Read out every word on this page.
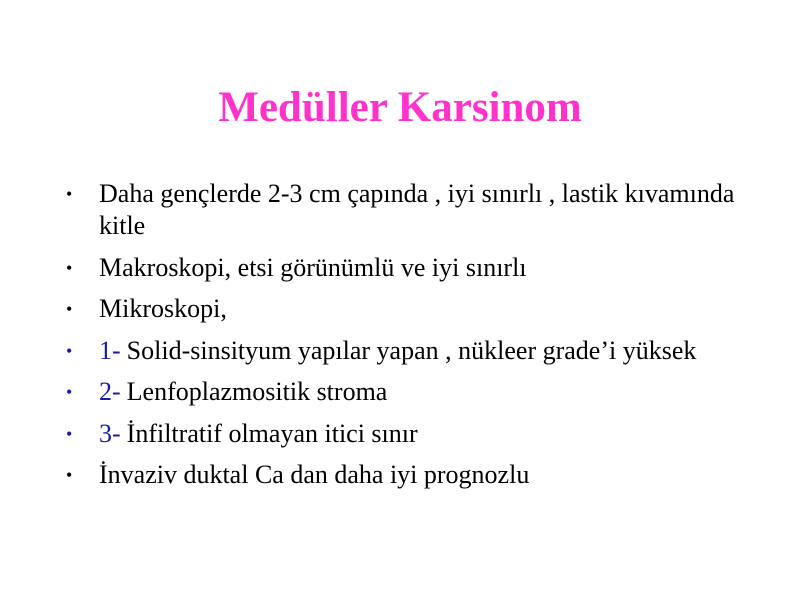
Medüller Karsinom
•	Daha gençlerde 2-3 cm çapında , iyi sınırlı , lastik kıvamında kitle
•	Makroskopi, etsi görünümlü ve iyi sınırlı
•	Mikroskopi,
•	1- Solid-sinsityum yapılar yapan , nükleer grade’i yüksek
•	2- Lenfoplazmositik stroma
•	3- İnfiltratif olmayan itici sınır
•	İnvaziv duktal Ca dan daha iyi prognozlu
